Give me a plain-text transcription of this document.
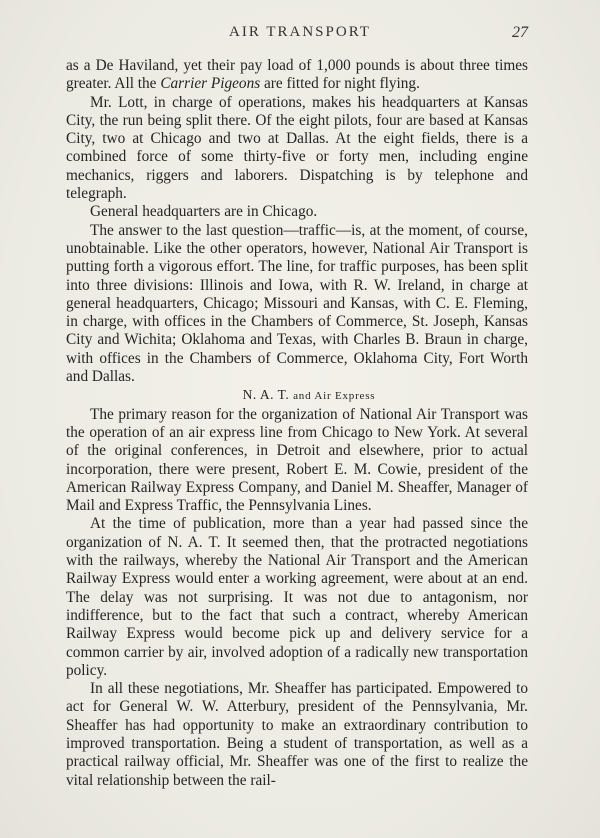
AIR TRANSPORT	27

as a De Haviland, yet their pay load of 1,000 pounds is about three times greater. All the Carrier Pigeons are fitted for night flying.

Mr. Lott, in charge of operations, makes his headquarters at Kansas City, the run being split there. Of the eight pilots, four are based at Kansas City, two at Chicago and two at Dallas. At the eight fields, there is a combined force of some thirty-five or forty men, including engine mechanics, riggers and laborers. Dispatching is by telephone and telegraph.

General headquarters are in Chicago.

The answer to the last question—traffic—is, at the moment, of course, unobtainable. Like the other operators, however, National Air Transport is putting forth a vigorous effort. The line, for traffic purposes, has been split into three divisions: Illinois and Iowa, with R. W. Ireland, in charge at general headquarters, Chicago; Missouri and Kansas, with C. E. Fleming, in charge, with offices in the Chambers of Commerce, St. Joseph, Kansas City and Wichita; Oklahoma and Texas, with Charles B. Braun in charge, with offices in the Chambers of Commerce, Oklahoma City, Fort Worth and Dallas.

N. A. T. and Air Express

The primary reason for the organization of National Air Transport was the operation of an air express line from Chicago to New York. At several of the original conferences, in Detroit and elsewhere, prior to actual incorporation, there were present, Robert E. M. Cowie, president of the American Railway Express Company, and Daniel M. Sheaffer, Manager of Mail and Express Traffic, the Pennsylvania Lines.

At the time of publication, more than a year had passed since the organization of N. A. T. It seemed then, that the protracted negotiations with the railways, whereby the National Air Transport and the American Railway Express would enter a working agreement, were about at an end. The delay was not surprising. It was not due to antagonism, nor indifference, but to the fact that such a contract, whereby American Railway Express would become pick up and delivery service for a common carrier by air, involved adoption of a radically new transportation policy.

In all these negotiations, Mr. Sheaffer has participated. Empowered to act for General W. W. Atterbury, president of the Pennsylvania, Mr. Sheaffer has had opportunity to make an extraordinary contribution to improved transportation. Being a student of transportation, as well as a practical railway official, Mr. Sheaffer was one of the first to realize the vital relationship between the rail-
